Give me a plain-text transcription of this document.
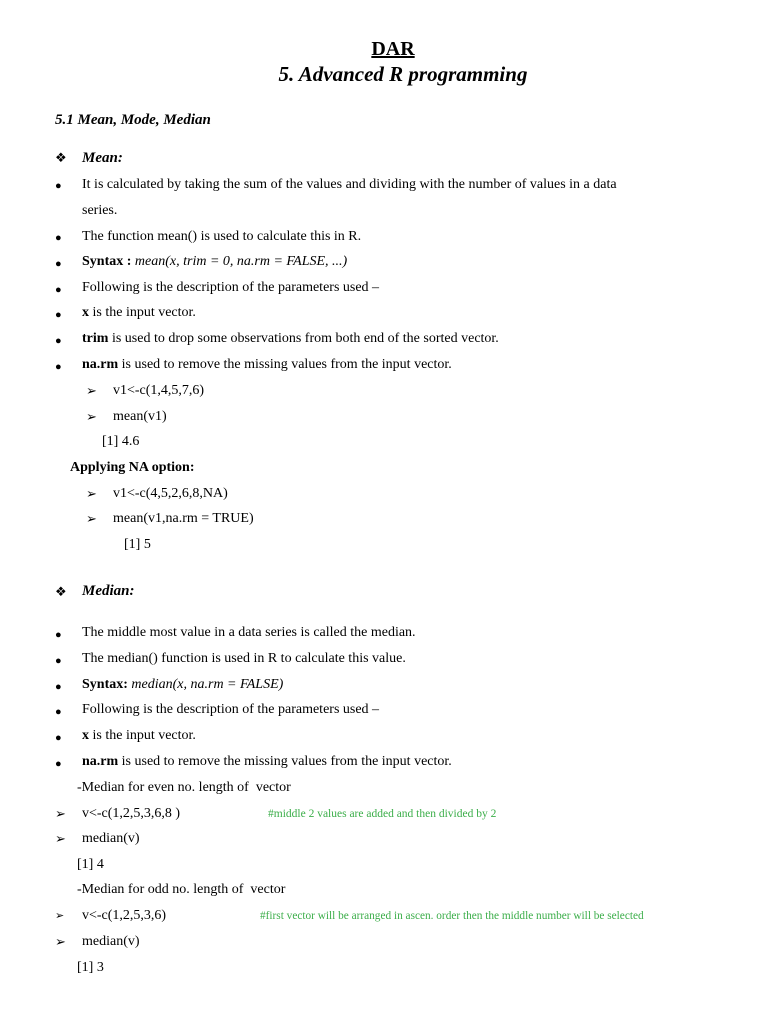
DAR
5. Advanced R programming
5.1 Mean, Mode, Median
❖ Mean:
● It is calculated by taking the sum of the values and dividing with the number of values in a data
series.
● The function mean() is used to calculate this in R.
● Syntax : mean(x, trim = 0, na.rm = FALSE, ...)
● Following is the description of the parameters used –
● x is the input vector.
● trim is used to drop some observations from both end of the sorted vector.
● na.rm is used to remove the missing values from the input vector.
➢ v1<-c(1,4,5,7,6)
➢ mean(v1)
[1] 4.6
Applying NA option:
➢ v1<-c(4,5,2,6,8,NA)
➢ mean(v1,na.rm = TRUE)
[1] 5
❖ Median:
● The middle most value in a data series is called the median.
● The median() function is used in R to calculate this value.
● Syntax: median(x, na.rm = FALSE)
● Following is the description of the parameters used –
● x is the input vector.
● na.rm is used to remove the missing values from the input vector.
-Median for even no. length of  vector
➢ v<-c(1,2,5,3,6,8 )	#middle 2 values are added and then divided by 2
➢ median(v)
[1] 4
-Median for odd no. length of  vector
➢ v<-c(1,2,5,3,6)	#first vector will be arranged in ascen. order then the middle number will be selected
➢ median(v)
[1] 3
